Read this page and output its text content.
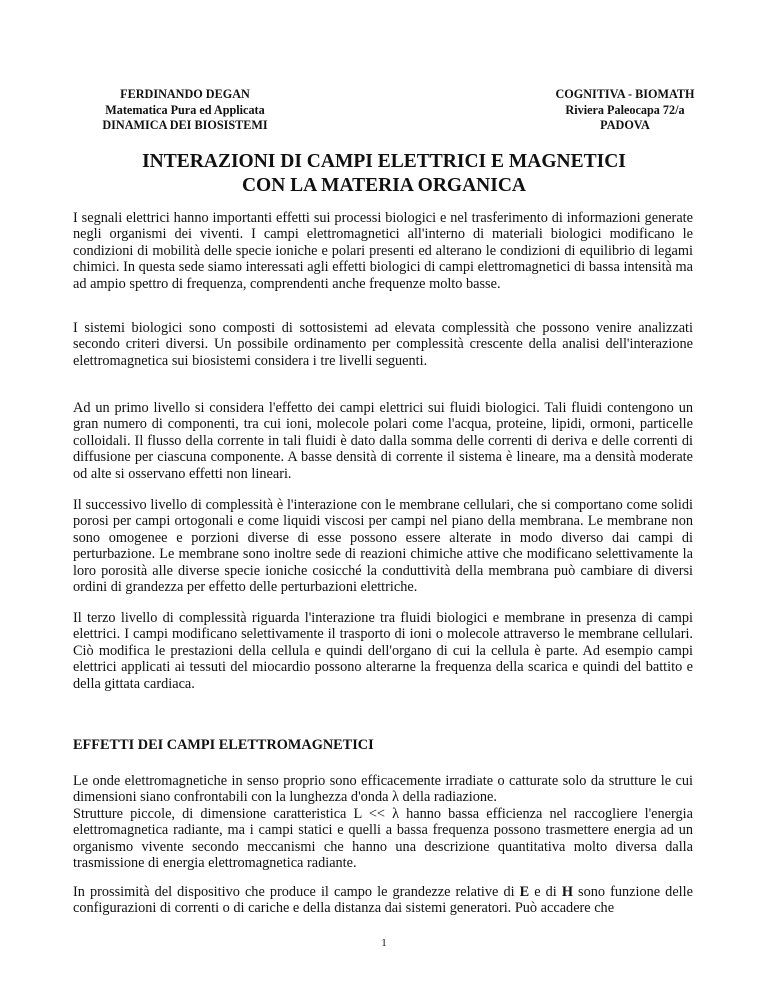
FERDINANDO DEGAN
Matematica Pura ed Applicata
DINAMICA DEI BIOSISTEMI
COGNITIVA - BIOMATH
Riviera Paleocapa 72/a
PADOVA
INTERAZIONI DI CAMPI ELETTRICI E MAGNETICI
CON LA MATERIA ORGANICA

I segnali elettrici hanno importanti effetti sui processi biologici e nel trasferimento di informazioni generate negli organismi dei viventi. I campi elettromagnetici all'interno di materiali biologici modificano le condizioni di mobilità delle specie ioniche e polari presenti ed alterano le condizioni di equilibrio di legami chimici. In questa sede siamo interessati agli effetti biologici di campi elettromagnetici di bassa intensità ma ad ampio spettro di frequenza, comprendenti anche frequenze molto basse.

I sistemi biologici sono composti di sottosistemi ad elevata complessità che possono venire analizzati secondo criteri diversi. Un possibile ordinamento per complessità crescente della analisi dell'interazione elettromagnetica sui biosistemi considera i tre livelli seguenti.

Ad un primo livello si considera l'effetto dei campi elettrici sui fluidi biologici. Tali fluidi contengono un gran numero di componenti, tra cui ioni, molecole polari come l'acqua, proteine, lipidi, ormoni, particelle colloidali. Il flusso della corrente in tali fluidi è dato dalla somma delle correnti di deriva e delle correnti di diffusione per ciascuna componente. A basse densità di corrente il sistema è lineare, ma a densità moderate od alte si osservano effetti non lineari.

Il successivo livello di complessità è l'interazione con le membrane cellulari, che si comportano come solidi porosi per campi ortogonali e come liquidi viscosi per campi nel piano della membrana. Le membrane non sono omogenee e porzioni diverse di esse possono essere alterate in modo diverso dai campi di perturbazione. Le membrane sono inoltre sede di reazioni chimiche attive che modificano selettivamente la loro porosità alle diverse specie ioniche cosicché la conduttività della membrana può cambiare di diversi ordini di grandezza per effetto delle perturbazioni elettriche.

Il terzo livello di complessità riguarda l'interazione tra fluidi biologici e membrane in presenza di campi elettrici. I campi modificano selettivamente il trasporto di ioni o molecole attraverso le membrane cellulari. Ciò modifica le prestazioni della cellula e quindi dell'organo di cui la cellula è parte. Ad esempio campi elettrici applicati ai tessuti del miocardio possono alterarne la frequenza della scarica e quindi del battito e della gittata cardiaca.

EFFETTI DEI CAMPI ELETTROMAGNETICI

Le onde elettromagnetiche in senso proprio sono efficacemente irradiate o catturate solo da strutture le cui dimensioni siano confrontabili con la lunghezza d'onda λ della radiazione.

Strutture piccole, di dimensione caratteristica L << λ hanno bassa efficienza nel raccogliere l'energia elettromagnetica radiante, ma i campi statici e quelli a bassa frequenza possono trasmettere energia ad un organismo vivente secondo meccanismi che hanno una descrizione quantitativa molto diversa dalla trasmissione di energia elettromagnetica radiante.

In prossimità del dispositivo che produce il campo le grandezze relative di E e di H sono funzione delle configurazioni di correnti o di cariche e della distanza dai sistemi generatori. Può accadere che

1
